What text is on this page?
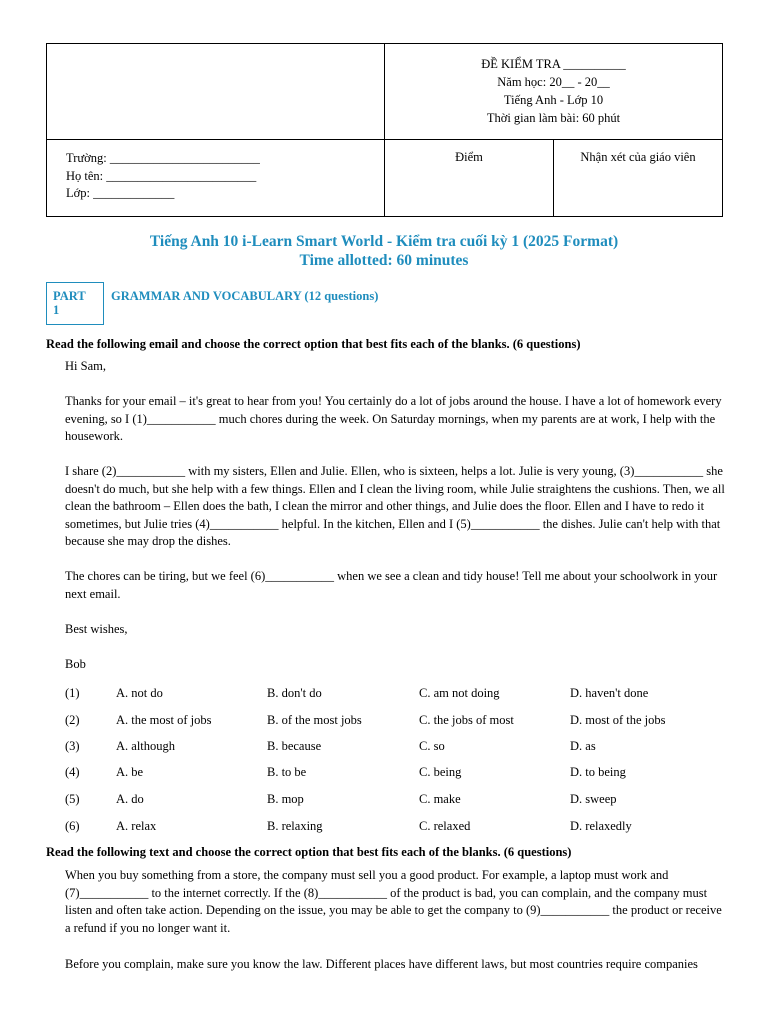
	ĐỀ KIỂM TRA __________
Năm học: 20__ - 20__
Tiếng Anh - Lớp 10
Thời gian làm bài: 60 phút	

Trường: ________________________
Họ tên: ________________________
Lớp: _____________	Điểm	Nhận xét của giáo viên
Tiếng Anh 10 i-Learn Smart World - Kiểm tra cuối kỳ 1 (2025 Format)
Time allotted: 60 minutes
PART
1
GRAMMAR AND VOCABULARY (12 questions)
Read the following email and choose the correct option that best fits each of the blanks. (6 questions)
Hi Sam,
Thanks for your email – it's great to hear from you! You certainly do a lot of jobs around the house. I have a lot of homework every evening, so I (1)___________ much chores during the week. On Saturday mornings, when my parents are at work, I help with the housework.
I share (2)___________ with my sisters, Ellen and Julie. Ellen, who is sixteen, helps a lot. Julie is very young, (3)___________ she doesn't do much, but she help with a few things. Ellen and I clean the living room, while Julie straightens the cushions. Then, we all clean the bathroom – Ellen does the bath, I clean the mirror and other things, and Julie does the floor. Ellen and I have to redo it sometimes, but Julie tries (4)___________ helpful. In the kitchen, Ellen and I (5)___________ the dishes. Julie can't help with that because she may drop the dishes.
The chores can be tiring, but we feel (6)___________ when we see a clean and tidy house! Tell me about your schoolwork in your next email.
Best wishes,
Bob
(1)	A. not do	B. don't do	C. am not doing	D. haven't done
(2)	A. the most of jobs	B. of the most jobs	C. the jobs of most	D. most of the jobs
(3)	A. although	B. because	C. so	D. as
(4)	A. be	B. to be	C. being	D. to being
(5)	A. do	B. mop	C. make	D. sweep
(6)	A. relax	B. relaxing	C. relaxed	D. relaxedly
Read the following text and choose the correct option that best fits each of the blanks. (6 questions)
When you buy something from a store, the company must sell you a good product. For example, a laptop must work and (7)___________ to the internet correctly. If the (8)___________ of the product is bad, you can complain, and the company must listen and often take action. Depending on the issue, you may be able to get the company to (9)___________ the product or receive a refund if you no longer want it.
Before you complain, make sure you know the law. Different places have different laws, but most countries require companies
